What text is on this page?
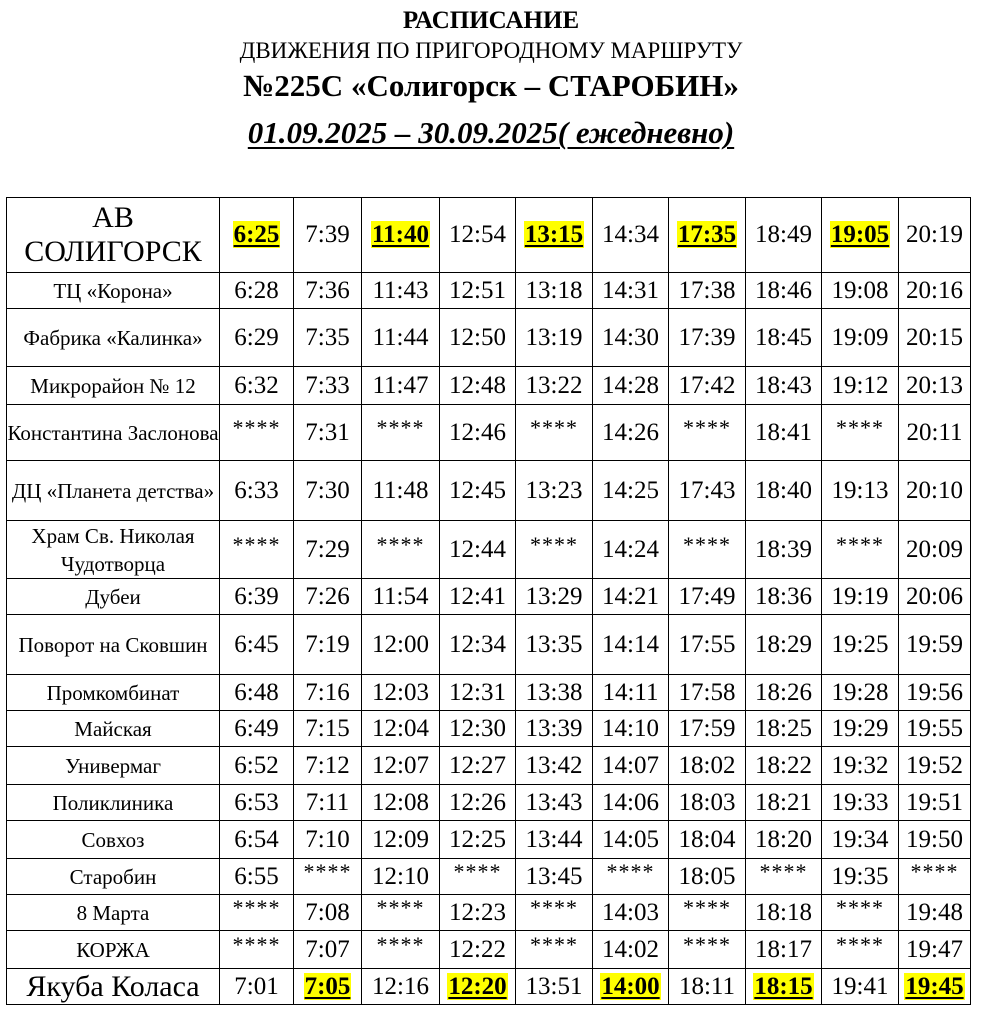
РАСПИСАНИЕ
ДВИЖЕНИЯ ПО ПРИГОРОДНОМУ МАРШРУТУ
№225С «Солигорск – СТАРОБИН»
01.09.2025 – 30.09.2025( ежедневно)
АВ СОЛИГОРСК	6:25	7:39	11:40	12:54	13:15	14:34	17:35	18:49	19:05	20:19
ТЦ «Корона»	6:28	7:36	11:43	12:51	13:18	14:31	17:38	18:46	19:08	20:16
Фабрика «Калинка»	6:29	7:35	11:44	12:50	13:19	14:30	17:39	18:45	19:09	20:15
Микрорайон № 12	6:32	7:33	11:47	12:48	13:22	14:28	17:42	18:43	19:12	20:13
Константина Заслонова	****	7:31	****	12:46	****	14:26	****	18:41	****	20:11
ДЦ «Планета детства»	6:33	7:30	11:48	12:45	13:23	14:25	17:43	18:40	19:13	20:10
Храм Св. Николая Чудотворца	****	7:29	****	12:44	****	14:24	****	18:39	****	20:09
Дубеи	6:39	7:26	11:54	12:41	13:29	14:21	17:49	18:36	19:19	20:06
Поворот на Сковшин	6:45	7:19	12:00	12:34	13:35	14:14	17:55	18:29	19:25	19:59
Промкомбинат	6:48	7:16	12:03	12:31	13:38	14:11	17:58	18:26	19:28	19:56
Майская	6:49	7:15	12:04	12:30	13:39	14:10	17:59	18:25	19:29	19:55
Универмаг	6:52	7:12	12:07	12:27	13:42	14:07	18:02	18:22	19:32	19:52
Поликлиника	6:53	7:11	12:08	12:26	13:43	14:06	18:03	18:21	19:33	19:51
Совхоз	6:54	7:10	12:09	12:25	13:44	14:05	18:04	18:20	19:34	19:50
Старобин	6:55	****	12:10	****	13:45	****	18:05	****	19:35	****
8 Марта	****	7:08	****	12:23	****	14:03	****	18:18	****	19:48
КОРЖА	****	7:07	****	12:22	****	14:02	****	18:17	****	19:47
Якуба Коласа	7:01	7:05	12:16	12:20	13:51	14:00	18:11	18:15	19:41	19:45
